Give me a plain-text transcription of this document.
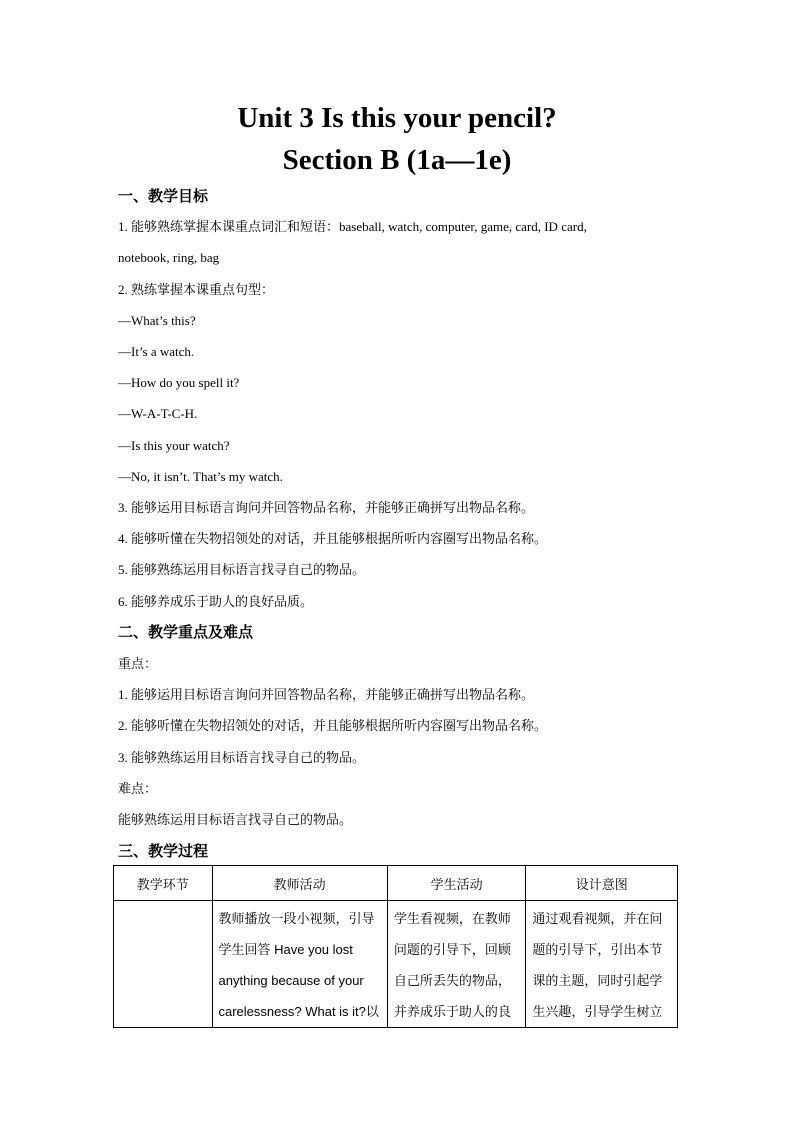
Unit 3 Is this your pencil?
Section B (1a—1e)
一、教学目标
1. 能够熟练掌握本课重点词汇和短语：baseball, watch, computer, game, card, ID card,
notebook, ring, bag
2. 熟练掌握本课重点句型：
—What’s this?
—It’s a watch.
—How do you spell it?
—W-A-T-C-H.
—Is this your watch?
—No, it isn’t. That’s my watch.
3. 能够运用目标语言询问并回答物品名称，并能够正确拼写出物品名称。
4. 能够听懂在失物招领处的对话，并且能够根据所听内容圈写出物品名称。
5. 能够熟练运用目标语言找寻自己的物品。
6. 能够养成乐于助人的良好品质。
二、教学重点及难点
重点：
1. 能够运用目标语言询问并回答物品名称，并能够正确拼写出物品名称。
2. 能够听懂在失物招领处的对话，并且能够根据所听内容圈写出物品名称。
3. 能够熟练运用目标语言找寻自己的物品。
难点：
能够熟练运用目标语言找寻自己的物品。
三、教学过程
教学环节	教师活动	学生活动	设计意图
	教师播放一段小视频，引导学生回答 Have you lost anything because of your carelessness? What is it?以	学生看视频，在教师问题的引导下，回顾自己所丢失的物品，并养成乐于助人的良	通过观看视频，并在问题的引导下，引出本节课的主题，同时引起学生兴趣，引导学生树立
